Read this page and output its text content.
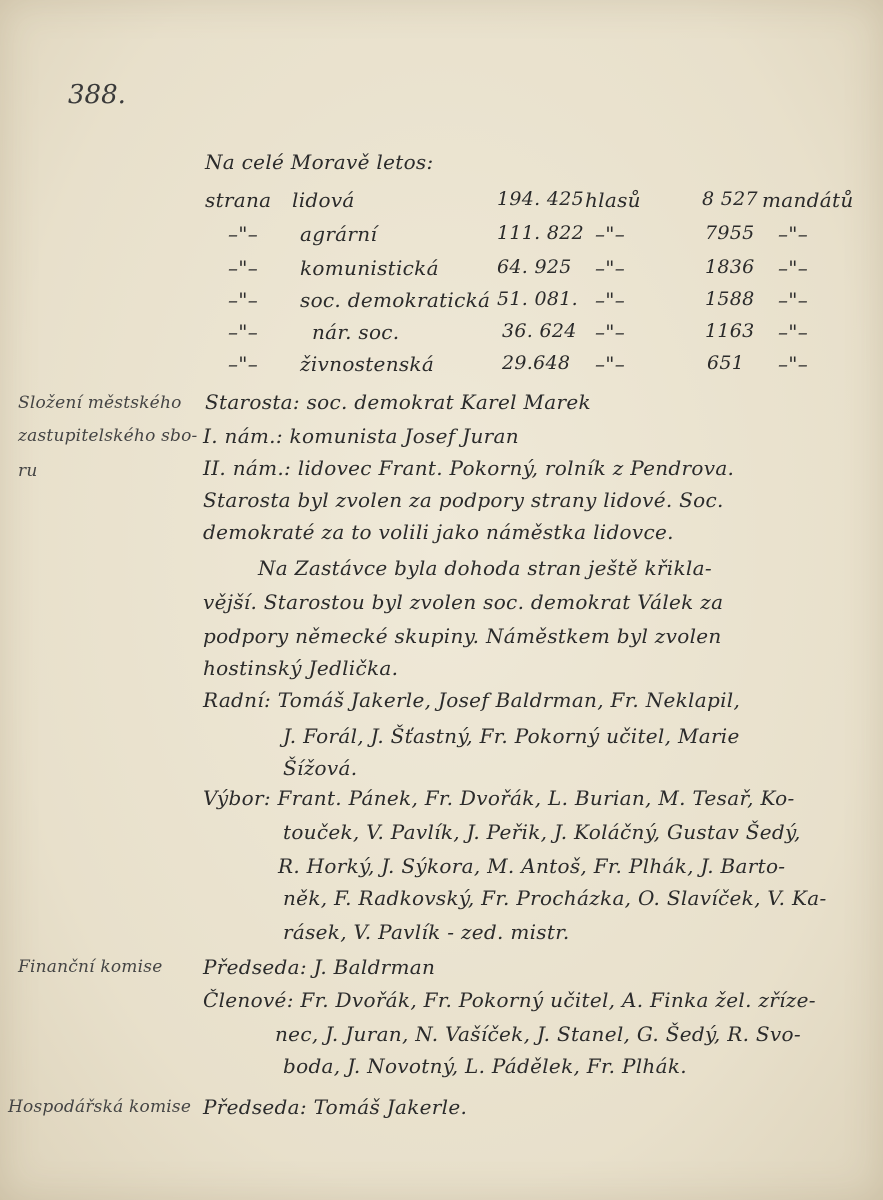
388.
Na celé Moravě letos:
strana lidová	194. 425 hlasů	8 527 mandátů
–"– agrární	111. 822 –"–	7955 –"–
–"– komunistická	64. 925 –"–	1836 –"–
–"– soc. demokratická 51. 081. –"–	1588 –"–
–"–	nár. soc.	36. 624 –"–	1163 –"–
–"– živnostenská	29.648 –"–	651 –"–
Složení městského
zastupitelského sbo-
ru
Finanční komise
Hospodářská komise
Starosta: soc. demokrat Karel Marek
I. nám.: komunista Josef Juran
II. nám.: lidovec Frant. Pokorný, rolník z Pendrova.
Starosta byl zvolen za podpory strany lidové. Soc.
demokraté za to volili jako náměstka lidovce.
Na Zastávce byla dohoda stran ještě křikla-
vější. Starostou byl zvolen soc. demokrat Válek za
podpory německé skupiny. Náměstkem byl zvolen
hostinský Jedlička.
Radní: Tomáš Jakerle, Josef Baldrman, Fr. Neklapil,
J. Forál, J. Šťastný, Fr. Pokorný učitel, Marie
Šížová.
Výbor: Frant. Pánek, Fr. Dvořák, L. Burian, M. Tesař, Ko-
touček, V. Pavlík, J. Peřik, J. Koláčný, Gustav Šedý,
R. Horký, J. Sýkora, M. Antoš, Fr. Plhák, J. Barto-
něk, F. Radkovský, Fr. Procházka, O. Slavíček, V. Ka-
rásek, V. Pavlík - zed. mistr.
Předseda: J. Baldrman
Členové: Fr. Dvořák, Fr. Pokorný učitel, A. Finka žel. zříze-
nec, J. Juran, N. Vašíček, J. Stanel, G. Šedý, R. Svo-
boda, J. Novotný, L. Pádělek, Fr. Plhák.
Předseda: Tomáš Jakerle.
